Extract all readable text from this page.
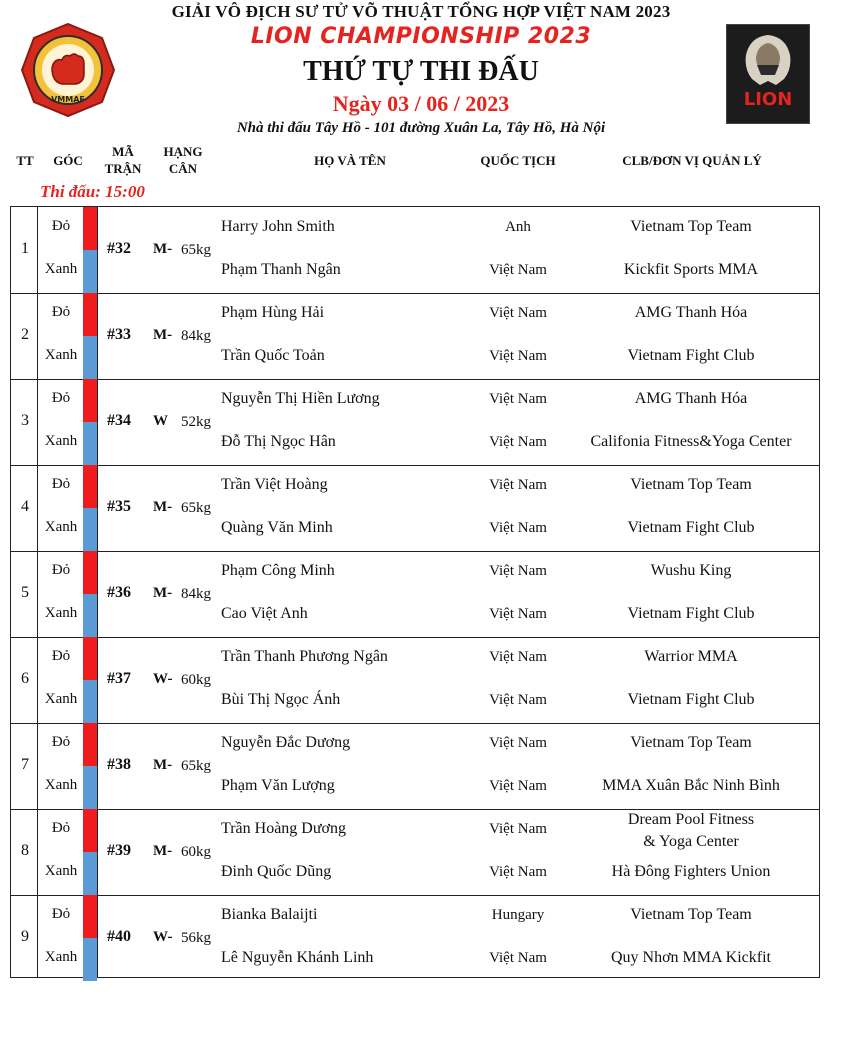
VMMAF	LION
GIẢI VÔ ĐỊCH SƯ TỬ VÕ THUẬT TỔNG HỢP VIỆT NAM 2023
LION CHAMPIONSHIP 2023
THỨ TỰ THI ĐẤU
Ngày 03 / 06 / 2023
Nhà thi đấu Tây Hồ - 101 đường Xuân La, Tây Hồ, Hà Nội
TT	GÓC
MÃ
TRẬN
HẠNG
CÂN
HỌ VÀ TÊN	QUỐC TỊCH	CLB/ĐƠN VỊ QUẢN LÝ
Thi đấu: 15:00
1	#32 M- 65kg
Đỏ	Harry John Smith	Anh	Vietnam Top Team
Xanh	Phạm Thanh Ngân	Việt Nam	Kickfit Sports MMA
2	#33 M- 84kg
Đỏ	Phạm Hùng Hải	Việt Nam	AMG Thanh Hóa
Xanh	Trần Quốc Toản	Việt Nam	Vietnam Fight Club
3	#34 W 52kg
Đỏ	Nguyễn Thị Hiền Lương	Việt Nam	AMG Thanh Hóa
Xanh	Đỗ Thị Ngọc Hân	Việt Nam	Califonia Fitness&Yoga Center
4	#35 M- 65kg
Đỏ	Trần Việt Hoàng	Việt Nam	Vietnam Top Team
Xanh	Quàng Văn Minh	Việt Nam	Vietnam Fight Club
5	#36 M- 84kg
Đỏ	Phạm Công Minh	Việt Nam	Wushu King
Xanh	Cao Việt Anh	Việt Nam	Vietnam Fight Club
6	#37 W- 60kg
Đỏ	Trần Thanh Phương Ngân	Việt Nam	Warrior MMA
Xanh	Bùi Thị Ngọc Ánh	Việt Nam	Vietnam Fight Club
7	#38 M- 65kg
Đỏ	Nguyễn Đắc Dương	Việt Nam	Vietnam Top Team
Xanh	Phạm Văn Lượng	Việt Nam	MMA Xuân Bắc Ninh Bình
8	#39 M- 60kg
Đỏ	Trần Hoàng Dương	Việt Nam
Dream Pool Fitness
& Yoga Center
Xanh	Đinh Quốc Dũng	Việt Nam	Hà Đông Fighters Union
9	#40 W- 56kg
Đỏ	Bianka Balaijti	Hungary	Vietnam Top Team
Xanh	Lê Nguyễn Khánh Linh	Việt Nam	Quy Nhơn MMA Kickfit
